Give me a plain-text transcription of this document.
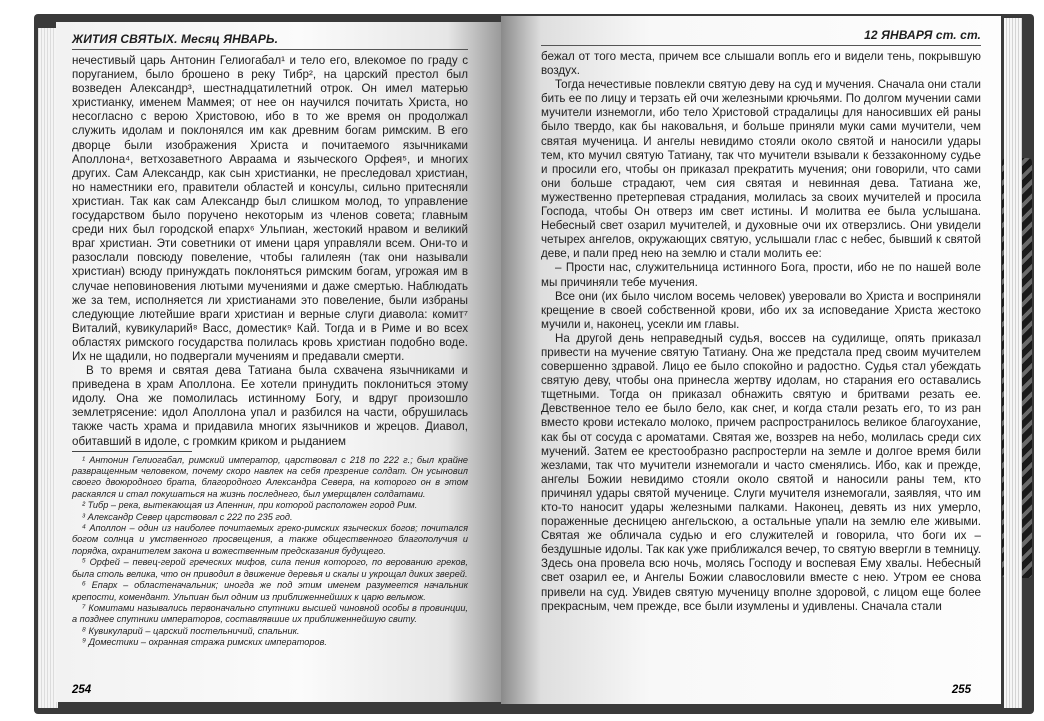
ЖИТИЯ СВЯТЫХ. Месяц ЯНВАРЬ.

нечестивый царь Антонин Гелиогабал¹ и тело его, влекомое по граду с поруганием, было брошено в реку Тибр², на царский престол был возведен Александр³, шестнадцатилетний отрок. Он имел матерью христианку, именем Маммея; от нее он научился почитать Христа, но несогласно с верою Христовою, ибо в то же время он продолжал служить идолам и поклонялся им как древним богам римским. В его дворце были изображения Христа и почитаемого язычниками Аполлона⁴, ветхозаветного Авраама и языческого Орфея⁵, и многих других. Сам Александр, как сын христианки, не преследовал христиан, но наместники его, правители областей и консулы, сильно притесняли христиан. Так как сам Александр был слишком молод, то управление государством было поручено некоторым из членов совета; главным среди них был городской епарх⁶ Ульпиан, жестокий нравом и великий враг христиан. Эти советники от имени царя управляли всем. Они-то и разослали повсюду повеление, чтобы галилеян (так они называли христиан) всюду принуждать поклоняться римским богам, угрожая им в случае неповиновения лютыми мучениями и даже смертью. Наблюдать же за тем, исполняется ли христианами это повеление, были избраны следующие лютейшие враги христиан и верные слуги диавола: комит⁷ Виталий, кувикуларий⁸ Васс, доместик⁹ Кай. Тогда и в Риме и во всех областях римского государства полилась кровь христиан подобно воде. Их не щадили, но подвергали мучениям и предавали смерти.

В то время и святая дева Татиана была схвачена язычниками и приведена в храм Аполлона. Ее хотели принудить поклониться этому идолу. Она же помолилась истинному Богу, и вдруг произошло землетрясение: идол Аполлона упал и разбился на части, обрушилась также часть храма и придавила многих язычников и жрецов. Диавол, обитавший в идоле, с громким криком и рыданием

¹ Антонин Гелиогабал, римский император, царствовал с 218 по 222 г.; был крайне развращенным человеком, почему скоро навлек на себя презрение солдат. Он усыновил своего двоюродного брата, благородного Александра Севера, на которого он в этом раскаялся и стал покушаться на жизнь последнего, был умерщвлен солдатами.

² Тибр – река, вытекающая из Апеннин, при которой расположен город Рим.

³ Александр Север царствовал с 222 по 235 год.

⁴ Аполлон – один из наиболее почитаемых греко-римских языческих богов; почитался богом солнца и умственного просвещения, а также общественного благополучия и порядка, охранителем закона и вожественным предсказания будущего.

⁵ Орфей – певец-герой греческих мифов, сила пения которого, по верованию греков, была столь велика, что он приводил в движение деревья и скалы и укрощал диких зверей.

⁶ Епарх – областеначальник; иногда же под этим именем разумеется начальник крепости, комендант. Ульпиан был одним из приближеннейших к царю вельмож.

⁷ Комитами назывались первоначально спутники высшей чиновной особы в провинции, а позднее спутники императоров, составлявшие их приближеннейшую свиту.

⁸ Кувикуларий – царский постельничий, спальник.

⁹ Доместики – охранная стража римских императоров.

254
12 ЯНВАРЯ ст. ст.

бежал от того места, причем все слышали вопль его и видели тень, покрывшую воздух.

Тогда нечестивые повлекли святую деву на суд и мучения. Сначала они стали бить ее по лицу и терзать ей очи железными крючьями. По долгом мучении сами мучители изнемогли, ибо тело Христовой страдалицы для наносивших ей раны было твердо, как бы наковальня, и больше приняли муки сами мучители, чем святая мученица. И ангелы невидимо стояли около святой и наносили удары тем, кто мучил святую Татиану, так что мучители взывали к беззаконному судье и просили его, чтобы он приказал прекратить мучения; они говорили, что сами они больше страдают, чем сия святая и невинная дева. Татиана же, мужественно претерпевая страдания, молилась за своих мучителей и просила Господа, чтобы Он отверз им свет истины. И молитва ее была услышана. Небесный свет озарил мучителей, и духовные очи их отверзлись. Они увидели четырех ангелов, окружающих святую, услышали глас с небес, бывший к святой деве, и пали пред нею на землю и стали молить ее:

– Прости нас, служительница истинного Бога, прости, ибо не по нашей воле мы причиняли тебе мучения.

Все они (их было числом восемь человек) уверовали во Христа и восприняли крещение в своей собственной крови, ибо их за исповедание Христа жестоко мучили и, наконец, усекли им главы.

На другой день неправедный судья, воссев на судилище, опять приказал привести на мучение святую Татиану. Она же предстала пред своим мучителем совершенно здравой. Лицо ее было спокойно и радостно. Судья стал убеждать святую деву, чтобы она принесла жертву идолам, но старания его оставались тщетными. Тогда он приказал обнажить святую и бритвами резать ее. Девственное тело ее было бело, как снег, и когда стали резать его, то из ран вместо крови истекало молоко, причем распространилось великое благоухание, как бы от сосуда с ароматами. Святая же, воззрев на небо, молилась среди сих мучений. Затем ее крестообразно распростерли на земле и долгое время били жезлами, так что мучители изнемогали и часто сменялись. Ибо, как и прежде, ангелы Божии невидимо стояли около святой и наносили раны тем, кто причинял удары святой мученице. Слуги мучителя изнемогали, заявляя, что им кто-то наносит удары железными палками. Наконец, девять из них умерло, пораженные десницею ангельскою, а остальные упали на землю еле живыми. Святая же обличала судью и его служителей и говорила, что боги их – бездушные идолы. Так как уже приближался вечер, то святую ввергли в темницу. Здесь она провела всю ночь, молясь Господу и воспевая Ему хвалы. Небесный свет озарил ее, и Ангелы Божии славословили вместе с нею. Утром ее снова привели на суд. Увидев святую мученицу вполне здоровой, с лицом еще более прекрасным, чем прежде, все были изумлены и удивлены. Сначала стали

255
